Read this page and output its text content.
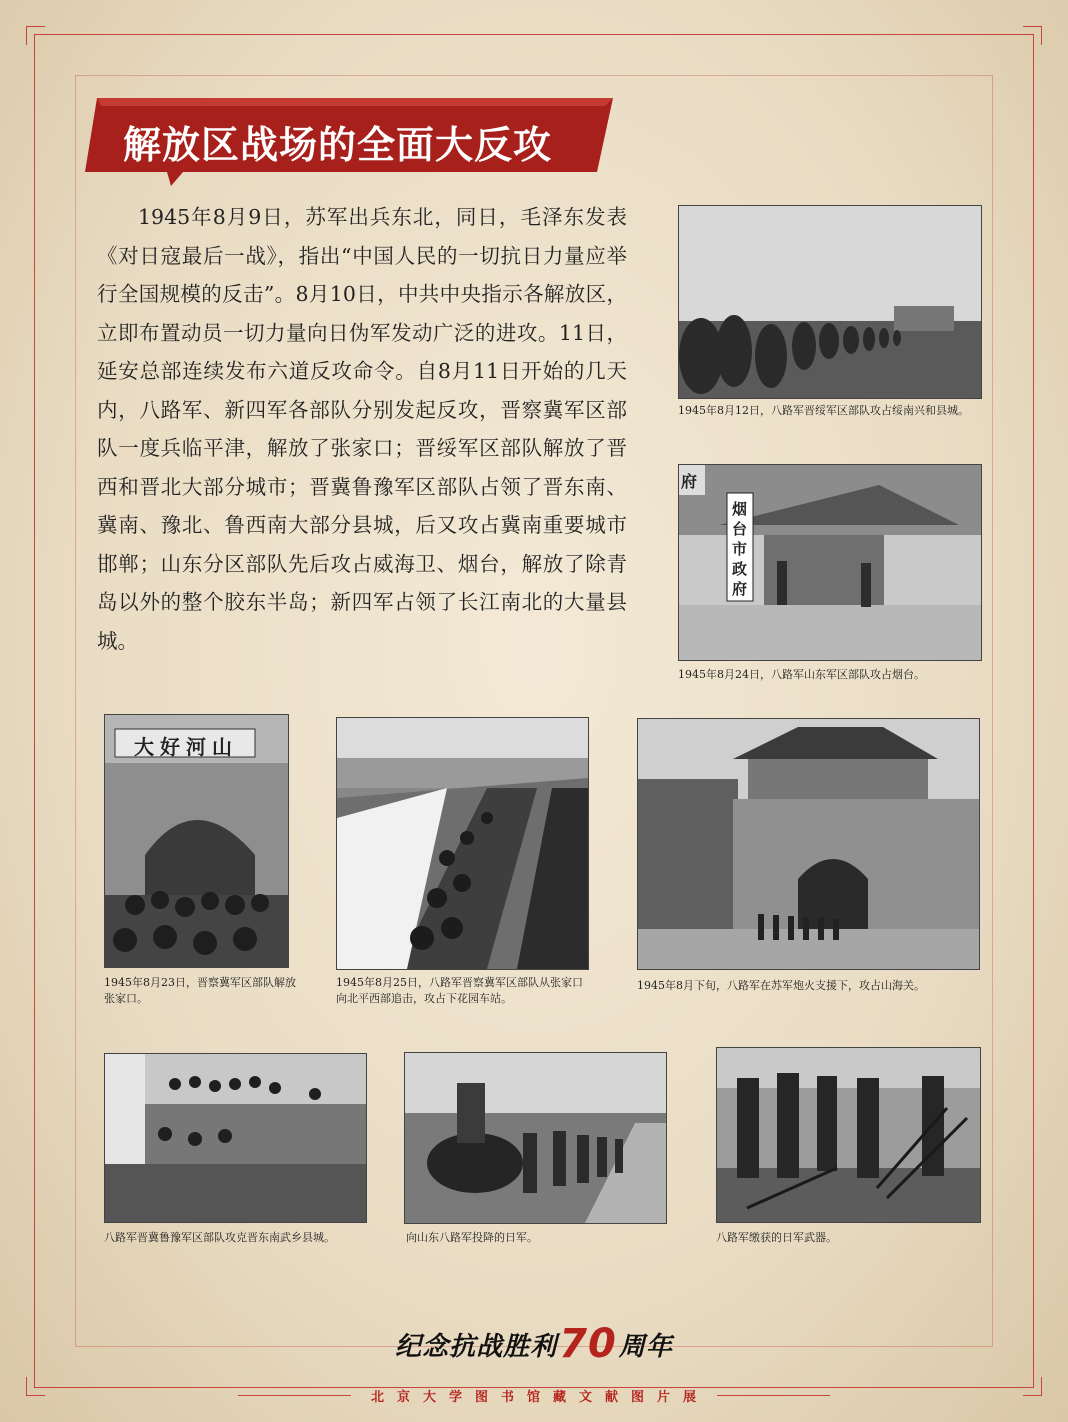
解放区战场的全面大反攻
1945年8月9日，苏军出兵东北，同日，毛泽东发表《对日寇最后一战》，指出“中国人民的一切抗日力量应举行全国规模的反击”。8月10日，中共中央指示各解放区，立即布置动员一切力量向日伪军发动广泛的进攻。11日，延安总部连续发布六道反攻命令。自8月11日开始的几天内，八路军、新四军各部队分别发起反攻，晋察冀军区部队一度兵临平津，解放了张家口；晋绥军区部队解放了晋西和晋北大部分城市；晋冀鲁豫军区部队占领了晋东南、冀南、豫北、鲁西南大部分县城，后又攻占冀南重要城市邯郸；山东分区部队先后攻占威海卫、烟台，解放了除青岛以外的整个胶东半岛；新四军占领了长江南北的大量县城。
1945年8月12日，八路军晋绥军区部队攻占绥南兴和县城。
府
烟台市政府
1945年8月24日，八路军山东军区部队攻占烟台。
大好河山
1945年8月23日，晋察冀军区部队解放张家口。
1945年8月25日，八路军晋察冀军区部队从张家口向北平西部追击，攻占下花园车站。
1945年8月下旬，八路军在苏军炮火支援下，攻占山海关。
八路军晋冀鲁豫军区部队攻克晋东南武乡县城。	向山东八路军投降的日军。	八路军缴获的日军武器。
纪念抗战胜利 70 周年
北京大学图书馆藏文献图片展
